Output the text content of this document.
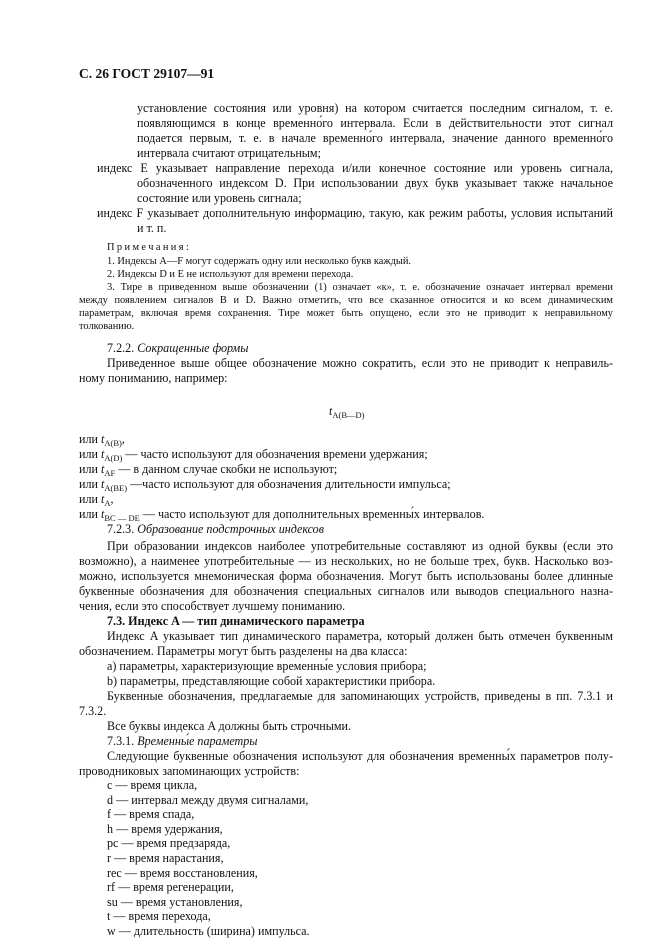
С. 26 ГОСТ 29107—91
установление состояния или уровня) на котором считается последним сигналом, т. е.
появляющимся в конце временно́го интервала. Если в действительности этот сигнал
подается первым, т. е. в начале временно́го интервала, значение данного временно́го
интервала считают отрицательным;
индекс E указывает направление перехода и/или конечное состояние или уровень сигнала,
обозначенного индексом D. При использовании двух букв указывает также начальное
состояние или уровень сигнала;
индекс F указывает дополнительную информацию, такую, как режим работы, условия испытаний
и т. п.
Примечания:
1. Индексы A—F могут содержать одну или несколько букв каждый.
2. Индексы D и E не используют для времени перехода.
3. Тире в приведенном выше обозначении (1) означает «к», т. е. обозначение означает интервал времени
между появлением сигналов B и D. Важно отметить, что все сказанное относится и ко всем динамическим
параметрам, включая время сохранения. Тире может быть опущено, если это не приводит к неправильному
толкованию.
7.2.2. Сокращенные формы
Приведенное выше общее обозначение можно сократить, если это не приводит к неправиль-
ному пониманию, например:
$t_{A(B—D)}$
или $t_{A(B)}$,
или $t_{A(D)}$ — часто используют для обозначения времени удержания;
или $t_{AF}$ — в данном случае скобки не используют;
или $t_{A(BE)}$ —часто используют для обозначения длительности импульса;
или $t_A$,
или $t_{BC — DE}$ — часто используют для дополнительных временны́х интервалов.
7.2.3. Образование подстрочных индексов
При образовании индексов наиболее употребительные составляют из одной буквы (если это
возможно), а наименее употребительные — из нескольких, но не больше трех, букв. Насколько воз-
можно, используется мнемоническая форма обозначения. Могут быть использованы более длинные
буквенные обозначения для обозначения специальных сигналов или выводов специального назна-
чения, если это способствует лучшему пониманию.
7.3. Индекс A — тип динамического параметра
Индекс A указывает тип динамического параметра, который должен быть отмечен буквенным
обозначением. Параметры могут быть разделены на два класса:
a) параметры, характеризующие временны́е условия прибора;
b) параметры, представляющие собой характеристики прибора.
Буквенные обозначения, предлагаемые для запоминающих устройств, приведены в пп. 7.3.1 и
7.3.2.
Все буквы индекса A должны быть строчными.
7.3.1. Временны́е параметры
Следующие буквенные обозначения используют для обозначения временны́х параметров полу-
проводниковых запоминающих устройств:
c — время цикла,
d — интервал между двумя сигналами,
f — время спада,
h — время удержания,
pc — время предзаряда,
r — время нарастания,
rec — время восстановления,
rf — время регенерации,
su — время установления,
t — время перехода,
w — длительность (ширина) импульса.
